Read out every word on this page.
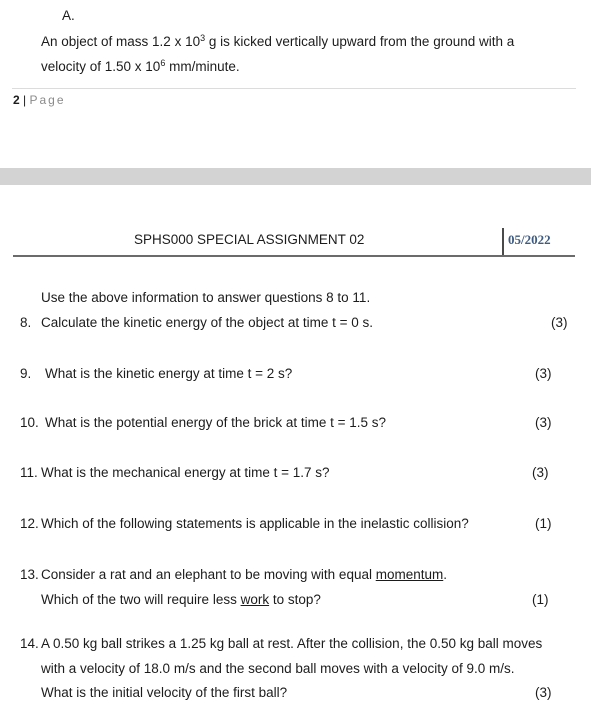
A.
An object of mass 1.2 x $10^3$ g is kicked vertically upward from the ground with a
velocity of 1.50 x $10^6$ mm/minute.
2 | Page
SPHS000 SPECIAL ASSIGNMENT 02	05/2022
Use the above information to answer questions 8 to 11.
8. Calculate the kinetic energy of the object at time t = 0 s.	(3)
9. What is the kinetic energy at time t = 2 s?	(3)
10. What is the potential energy of the brick at time t = 1.5 s?	(3)
11. What is the mechanical energy at time t = 1.7 s?	(3)
12. Which of the following statements is applicable in the inelastic collision?	(1)
13. Consider a rat and an elephant to be moving with equal momentum.
Which of the two will require less work to stop?	(1)
14. A 0.50 kg ball strikes a 1.25 kg ball at rest. After the collision, the 0.50 kg ball moves
with a velocity of 18.0 m/s and the second ball moves with a velocity of 9.0 m/s.
What is the initial velocity of the first ball?	(3)
